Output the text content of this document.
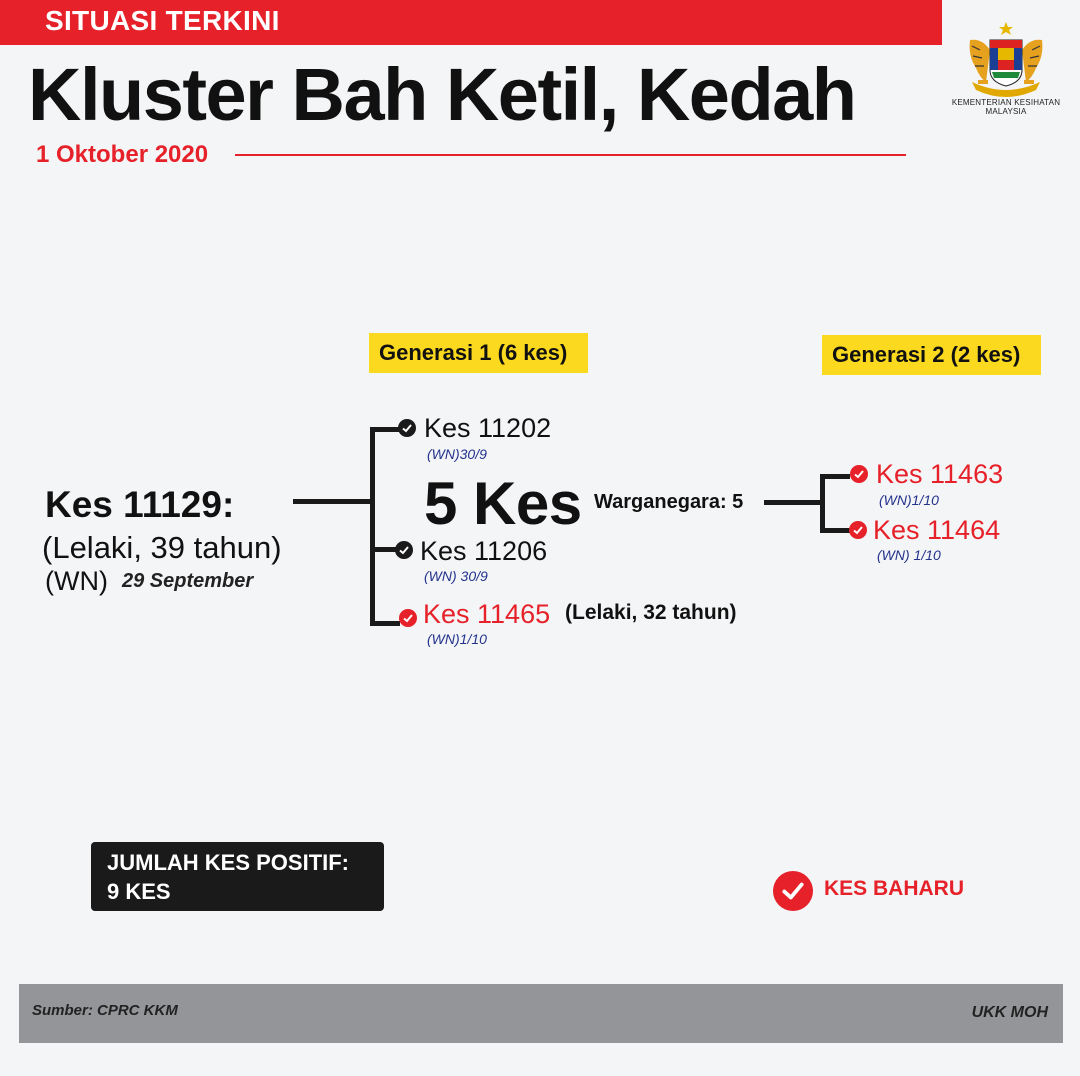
SITUASI TERKINI
Kluster Bah Ketil, Kedah
1 Oktober 2020
KEMENTERIAN KESIHATAN
MALAYSIA
Generasi 1 (6 kes)	Generasi 2 (2 kes)
Kes 11129:
(Lelaki, 39 tahun)
(WN) 29 September
Kes 11202
(WN)30/9
5 Kes Warganegara: 5
Kes 11206
(WN) 30/9
Kes 11465 (Lelaki, 32 tahun)
(WN)1/10
Kes 11463
(WN)1/10
Kes 11464
(WN) 1/10
JUMLAH KES POSITIF:
9 KES	KES BAHARU
Sumber: CPRC KKM	UKK MOH
